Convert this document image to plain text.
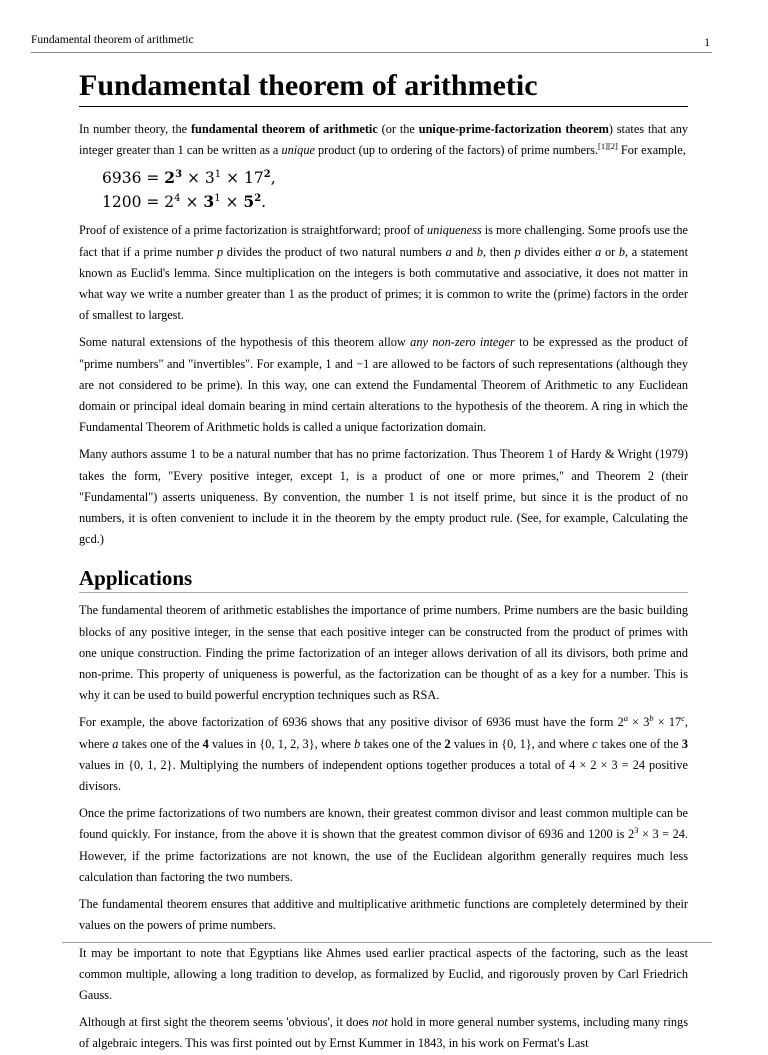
Fundamental theorem of arithmetic	1
Fundamental theorem of arithmetic

In number theory, the fundamental theorem of arithmetic (or the unique-prime-factorization theorem) states that any integer greater than 1 can be written as a unique product (up to ordering of the factors) of prime numbers.[1][2] For example,

$6936 = 2^3 \times 3^1 \times 17^2$,
$1200 = 2^4 \times 3^1 \times 5^2$.

Proof of existence of a prime factorization is straightforward; proof of uniqueness is more challenging. Some proofs use the fact that if a prime number p divides the product of two natural numbers a and b, then p divides either a or b, a statement known as Euclid's lemma. Since multiplication on the integers is both commutative and associative, it does not matter in what way we write a number greater than 1 as the product of primes; it is common to write the (prime) factors in the order of smallest to largest.

Some natural extensions of the hypothesis of this theorem allow any non-zero integer to be expressed as the product of "prime numbers" and "invertibles". For example, 1 and −1 are allowed to be factors of such representations (although they are not considered to be prime). In this way, one can extend the Fundamental Theorem of Arithmetic to any Euclidean domain or principal ideal domain bearing in mind certain alterations to the hypothesis of the theorem. A ring in which the Fundamental Theorem of Arithmetic holds is called a unique factorization domain.

Many authors assume 1 to be a natural number that has no prime factorization. Thus Theorem 1 of Hardy & Wright (1979) takes the form, "Every positive integer, except 1, is a product of one or more primes," and Theorem 2 (their "Fundamental") asserts uniqueness. By convention, the number 1 is not itself prime, but since it is the product of no numbers, it is often convenient to include it in the theorem by the empty product rule. (See, for example, Calculating the gcd.)

Applications

The fundamental theorem of arithmetic establishes the importance of prime numbers. Prime numbers are the basic building blocks of any positive integer, in the sense that each positive integer can be constructed from the product of primes with one unique construction. Finding the prime factorization of an integer allows derivation of all its divisors, both prime and non-prime. This property of uniqueness is powerful, as the factorization can be thought of as a key for a number. This is why it can be used to build powerful encryption techniques such as RSA.

For example, the above factorization of 6936 shows that any positive divisor of 6936 must have the form $2^a \times 3^b \times 17^c$, where a takes one of the 4 values in {0, 1, 2, 3}, where b takes one of the 2 values in {0, 1}, and where c takes one of the 3 values in {0, 1, 2}. Multiplying the numbers of independent options together produces a total of 4 × 2 × 3 = 24 positive divisors.

Once the prime factorizations of two numbers are known, their greatest common divisor and least common multiple can be found quickly. For instance, from the above it is shown that the greatest common divisor of 6936 and 1200 is $2^3 \times 3 = 24$. However, if the prime factorizations are not known, the use of the Euclidean algorithm generally requires much less calculation than factoring the two numbers.

The fundamental theorem ensures that additive and multiplicative arithmetic functions are completely determined by their values on the powers of prime numbers.

It may be important to note that Egyptians like Ahmes used earlier practical aspects of the factoring, such as the least common multiple, allowing a long tradition to develop, as formalized by Euclid, and rigorously proven by Carl Friedrich Gauss.

Although at first sight the theorem seems 'obvious', it does not hold in more general number systems, including many rings of algebraic integers. This was first pointed out by Ernst Kummer in 1843, in his work on Fermat's Last
